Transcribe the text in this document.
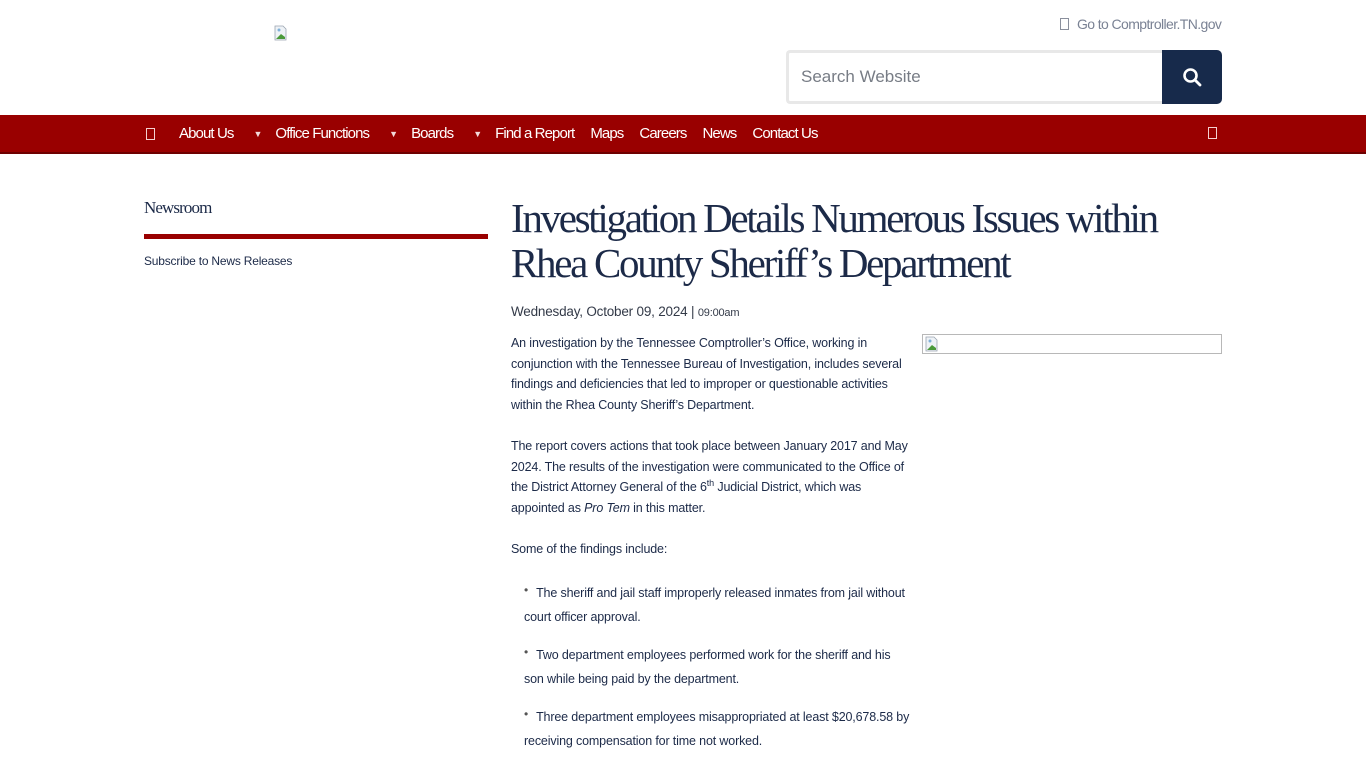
Go to Comptroller.TN.gov
Search Website
About Us ▼ Office Functions ▼ Boards ▼ Find a Report Maps Careers News Contact Us
Newsroom
Subscribe to News Releases
Investigation Details Numerous Issues within Rhea County Sheriff’s Department
Wednesday, October 09, 2024 | 09:00am

An investigation by the Tennessee Comptroller’s Office, working in conjunction with the Tennessee Bureau of Investigation, includes several findings and deficiencies that led to improper or questionable activities within the Rhea County Sheriff’s Department.

The report covers actions that took place between January 2017 and May 2024. The results of the investigation were communicated to the Office of the District Attorney General of the 6th Judicial District, which was appointed as Pro Tem in this matter.

Some of the findings include:

• The sheriff and jail staff improperly released inmates from jail without court officer approval.
• Two department employees performed work for the sheriff and his son while being paid by the department.
• Three department employees misappropriated at least $20,678.58 by receiving compensation for time not worked.
